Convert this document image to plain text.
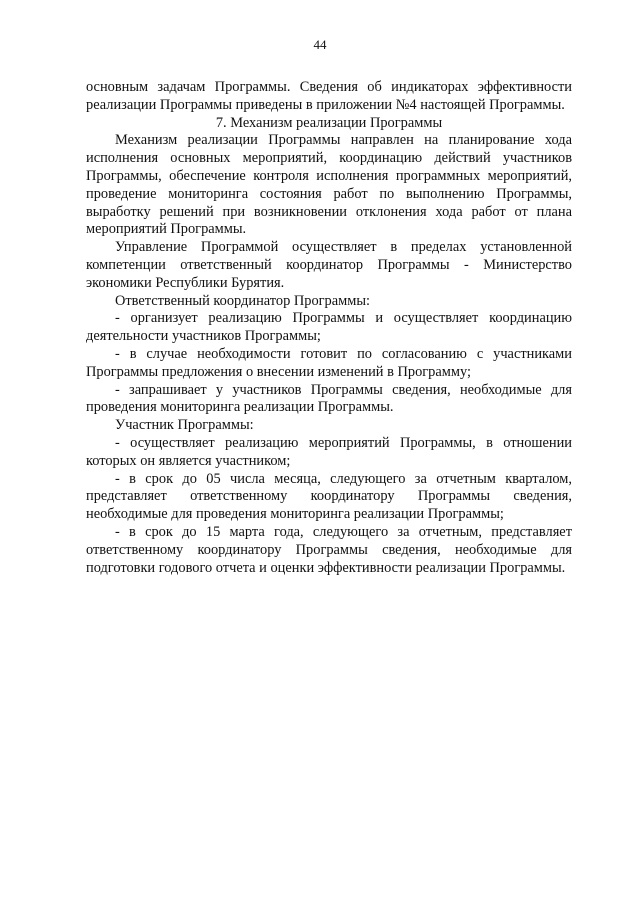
44

основным задачам Программы. Сведения об индикаторах эффективности реализации Программы приведены в приложении №4 настоящей Программы.

7. Механизм реализации Программы

Механизм реализации Программы направлен на планирование хода исполнения основных мероприятий, координацию действий участников Программы, обеспечение контроля исполнения программных мероприятий, проведение мониторинга состояния работ по выполнению Программы, выработку решений при возникновении отклонения хода работ от плана мероприятий Программы.

Управление Программой осуществляет в пределах установленной компетенции ответственный координатор Программы - Министерство экономики Республики Бурятия.

Ответственный координатор Программы:

- организует реализацию Программы и осуществляет координацию деятельности участников Программы;

- в случае необходимости готовит по согласованию с участниками Программы предложения о внесении изменений в Программу;

- запрашивает у участников Программы сведения, необходимые для проведения мониторинга реализации Программы.

Участник Программы:

- осуществляет реализацию мероприятий Программы, в отношении которых он является участником;

- в срок до 05 числа месяца, следующего за отчетным кварталом, представляет ответственному координатору Программы сведения, необходимые для проведения мониторинга реализации Программы;

- в срок до 15 марта года, следующего за отчетным, представляет ответственному координатору Программы сведения, необходимые для подготовки годового отчета и оценки эффективности реализации Программы.
